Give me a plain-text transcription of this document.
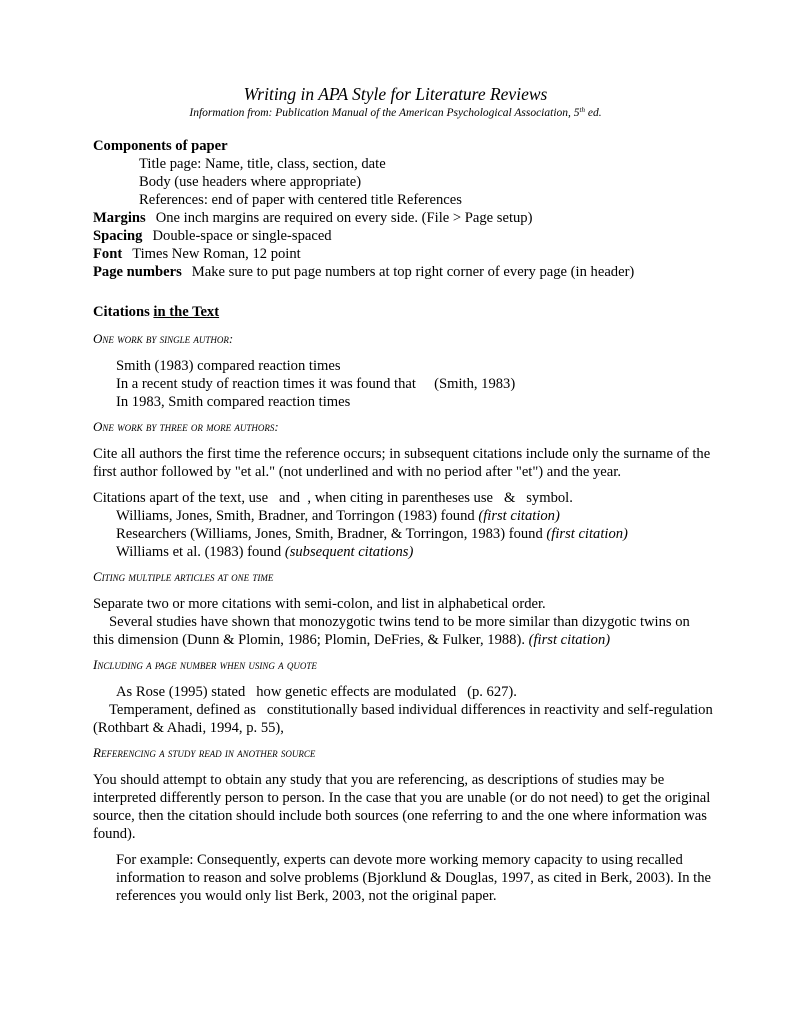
Writing in APA Style for Literature Reviews
Information from: Publication Manual of the American Psychological Association, 5th ed.
Components of paper
Title page: Name, title, class, section, date
Body (use headers where appropriate)
References: end of paper with centered title References
Margins One inch margins are required on every side. (File > Page setup)
Spacing Double-space or single-spaced
Font Times New Roman, 12 point
Page numbers Make sure to put page numbers at top right corner of every page (in header)
Citations in the Text
One work by single author:
Smith (1983) compared reaction times
In a recent study of reaction times it was found that     (Smith, 1983)
In 1983, Smith compared reaction times
One work by three or more authors:

Cite all authors the first time the reference occurs; in subsequent citations include only the surname of the first author followed by "et al." (not underlined and with no period after "et") and the year.

Citations apart of the text, use   and  , when citing in parentheses use   &   symbol.
Williams, Jones, Smith, Bradner, and Torringon (1983) found (first citation)
Researchers (Williams, Jones, Smith, Bradner, & Torringon, 1983) found (first citation)
Williams et al. (1983) found (subsequent citations)
Citing multiple articles at one time

Separate two or more citations with semi-colon, and list in alphabetical order.

Several studies have shown that monozygotic twins tend to be more similar than dizygotic twins on this dimension (Dunn & Plomin, 1986; Plomin, DeFries, & Fulker, 1988). (first citation)

Including a page number when using a quote
As Rose (1995) stated   how genetic effects are modulated   (p. 627).

Temperament, defined as   constitutionally based individual differences in reactivity and self-regulation   (Rothbart & Ahadi, 1994, p. 55),

Referencing a study read in another source

You should attempt to obtain any study that you are referencing, as descriptions of studies may be interpreted differently person to person. In the case that you are unable (or do not need) to get the original source, then the citation should include both sources (one referring to and the one where information was found).

For example: Consequently, experts can devote more working memory capacity to using recalled information to reason and solve problems (Bjorklund & Douglas, 1997, as cited in Berk, 2003). In the references you would only list Berk, 2003, not the original paper.
